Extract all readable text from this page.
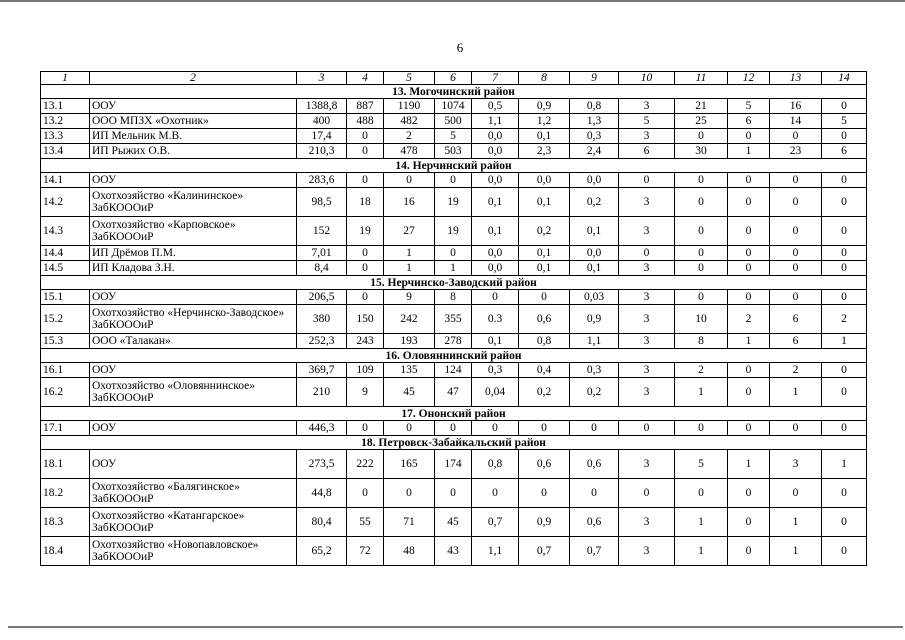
6
1	2	3	4	5	6	7	8	9	10	11	12	13	14
13. Могочинский район													
13.1	ООУ	1388,8	887	1190	1074	0,5	0,9	0,8	3	21	5	16	0
13.2	ООО МПЗХ «Охотник»	400	488	482	500	1,1	1,2	1,3	5	25	6	14	5
13.3	ИП Мельник М.В.	17,4	0	2	5	0,0	0,1	0,3	3	0	0	0	0
13.4	ИП Рыжих О.В.	210,3	0	478	503	0,0	2,3	2,4	6	30	1	23	6
14. Нерчинский район													
14.1	ООУ	283,6	0	0	0	0,0	0,0	0,0	0	0	0	0	0
14.2	Охотхозяйство «Калининское» ЗабКОООиР	98,5	18	16	19	0,1	0,1	0,2	3	0	0	0	0
14.3	Охотхозяйство «Карповское» ЗабКОООиР	152	19	27	19	0,1	0,2	0,1	3	0	0	0	0
14.4	ИП Дрёмов П.М.	7,01	0	1	0	0,0	0,1	0,0	0	0	0	0	0
14.5	ИП Кладова З.Н.	8,4	0	1	1	0,0	0,1	0,1	3	0	0	0	0
15. Нерчинско-Заводский район													
15.1	ООУ	206,5	0	9	8	0	0	0,03	3	0	0	0	0
15.2	Охотхозяйство «Нерчинско-Заводское» ЗабКОООиР	380	150	242	355	0.3	0,6	0,9	3	10	2	6	2
15.3	ООО «Талакан»	252,3	243	193	278	0,1	0,8	1,1	3	8	1	6	1
16. Оловяннинский район													
16.1	ООУ	369,7	109	135	124	0,3	0,4	0,3	3	2	0	2	0
16.2	Охотхозяйство «Оловяннинское» ЗабКОООиР	210	9	45	47	0,04	0,2	0,2	3	1	0	1	0
17. Ононский район													
17.1	ООУ	446,3	0	0	0	0	0	0	0	0	0	0	0
18. Петровск-Забайкальский район													
18.1	ООУ	273,5	222	165	174	0,8	0,6	0,6	3	5	1	3	1
18.2	Охотхозяйство «Балягинское» ЗабКОООиР	44,8	0	0	0	0	0	0	0	0	0	0	0
18.3	Охотхозяйство «Катангарское» ЗабКОООиР	80,4	55	71	45	0,7	0,9	0,6	3	1	0	1	0
18.4	Охотхозяйство «Новопавловское» ЗабКОООиР	65,2	72	48	43	1,1	0,7	0,7	3	1	0	1	0
